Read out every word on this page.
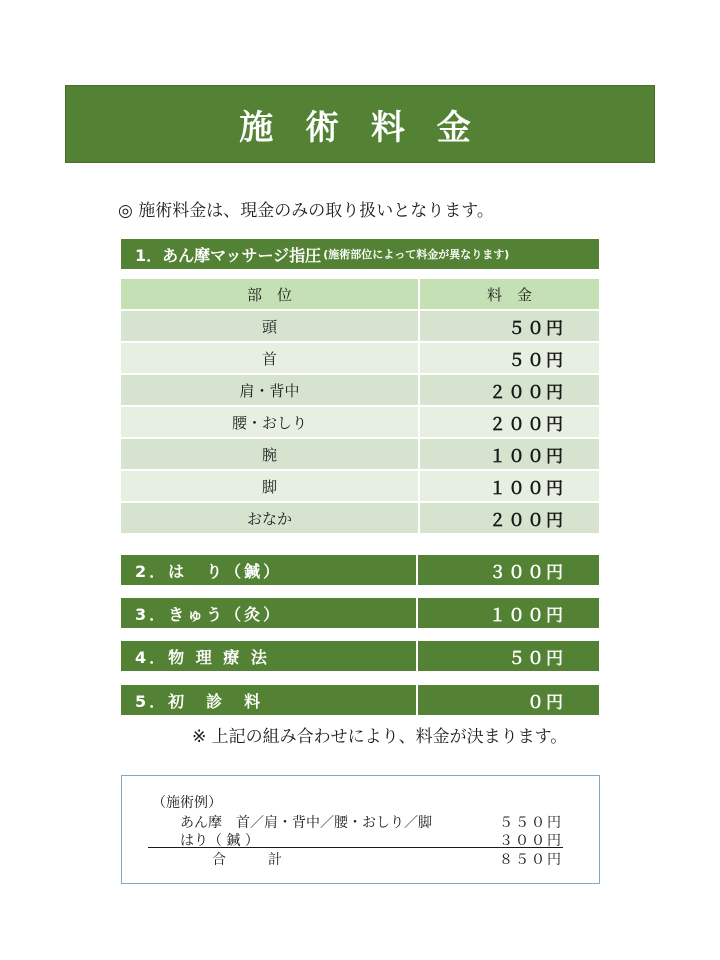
施 術 料 金
◎ 施術料金は、現金のみの取り扱いとなります。
1．あん摩マッサージ指圧 (施術部位によって料金が異なります)
部　位	料　金
頭	５０円
首	５０円
肩・背中	２００円
腰・おしり	２００円
腕	１００円
脚	１００円
おなか	２００円
2．は　り（鍼）	３００円
3．きゅう（灸）	１００円
4．物 理 療 法	５０円
5．初　診　料	０円
※ 上記の組み合わせにより、料金が決まります。
（施術例）
あん摩　首／肩・背中／腰・おしり／脚	５５０円
はり（ 鍼 ）	３００円
合　　　計	８５０円
